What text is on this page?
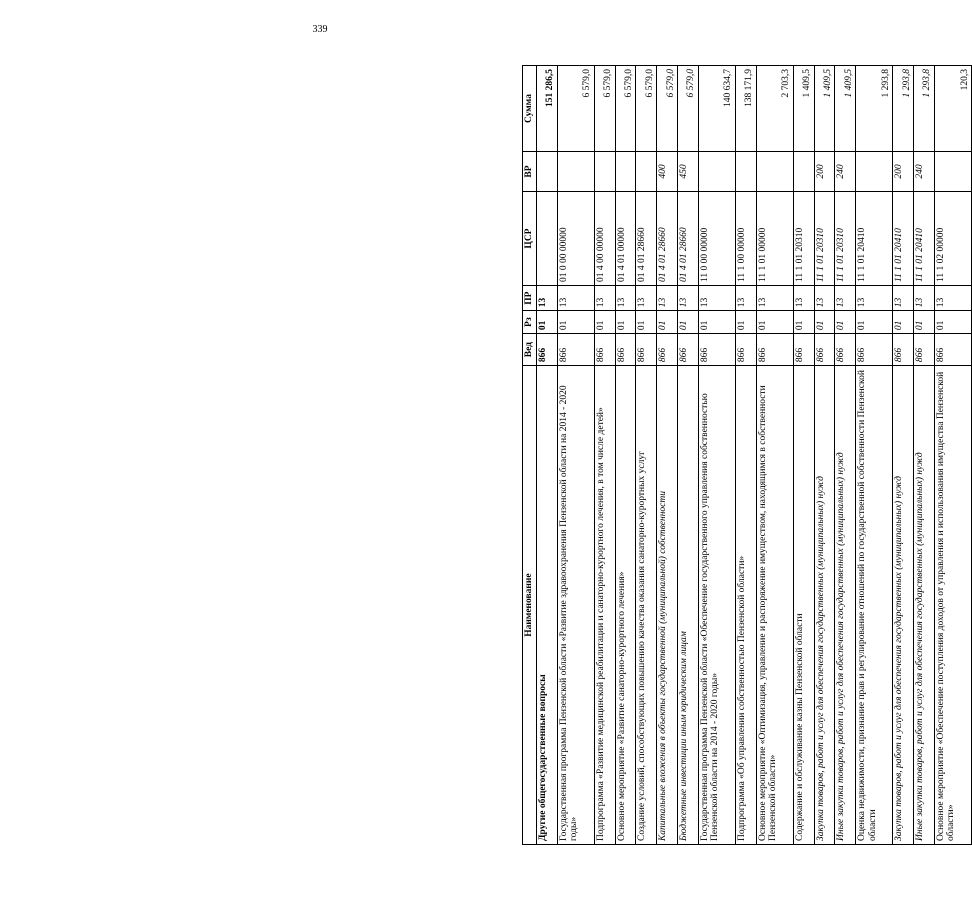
339
Наименование	Вед	Рз	ПР	ЦСР	ВР	Сумма
Другие общегосударственные вопросы	866	01	13			151 286,5
Государственная программа Пензенской области «Развитие здравоохранения Пензенской области на 2014 - 2020 годы»	866	01	13	01 0 00 00000		6 579,0
Подпрограмма «Развитие медицинской реабилитации и санаторно-курортного лечения, в том числе детей»	866	01	13	01 4 00 00000		6 579,0
Основное мероприятие «Развитие санаторно-курортного лечения»	866	01	13	01 4 01 00000		6 579,0
Создание условий, способствующих повышению качества оказания санаторно-курортных услуг	866	01	13	01 4 01 28660		6 579,0
Капитальные вложения в объекты государственной (муниципальной) собственности	866	01	13	01 4 01 28660	400	6 579,0
Бюджетные инвестиции иным юридическим лицам	866	01	13	01 4 01 28660	450	6 579,0
Государственная программа Пензенской области «Обеспечение государственного управления собственностью Пензенской области на 2014 - 2020 годы»	866	01	13	11 0 00 00000		140 634,7
Подпрограмма «Об управлении собственностью Пензенской области»	866	01	13	11 1 00 00000		138 171,9
Основное мероприятие «Оптимизация, управление и распоряжение имуществом, находящимся в собственности Пензенской области»	866	01	13	11 1 01 00000		2 703,3
Содержание и обслуживание казны Пензенской области	866	01	13	11 1 01 20310		1 409,5
Закупка товаров, работ и услуг для обеспечения государственных (муниципальных) нужд	866	01	13	11 1 01 20310	200	1 409,5
Иные закупки товаров, работ и услуг для обеспечения государственных (муниципальных) нужд	866	01	13	11 1 01 20310	240	1 409,5
Оценка недвижимости, признание прав и регулирование отношений по государственной собственности Пензенской области	866	01	13	11 1 01 20410		1 293,8
Закупка товаров, работ и услуг для обеспечения государственных (муниципальных) нужд	866	01	13	11 1 01 20410	200	1 293,8
Иные закупки товаров, работ и услуг для обеспечения государственных (муниципальных) нужд	866	01	13	11 1 01 20410	240	1 293,8
Основное мероприятие «Обеспечение поступления доходов от управления и использования имущества Пензенской области»	866	01	13	11 1 02 00000		120,3
